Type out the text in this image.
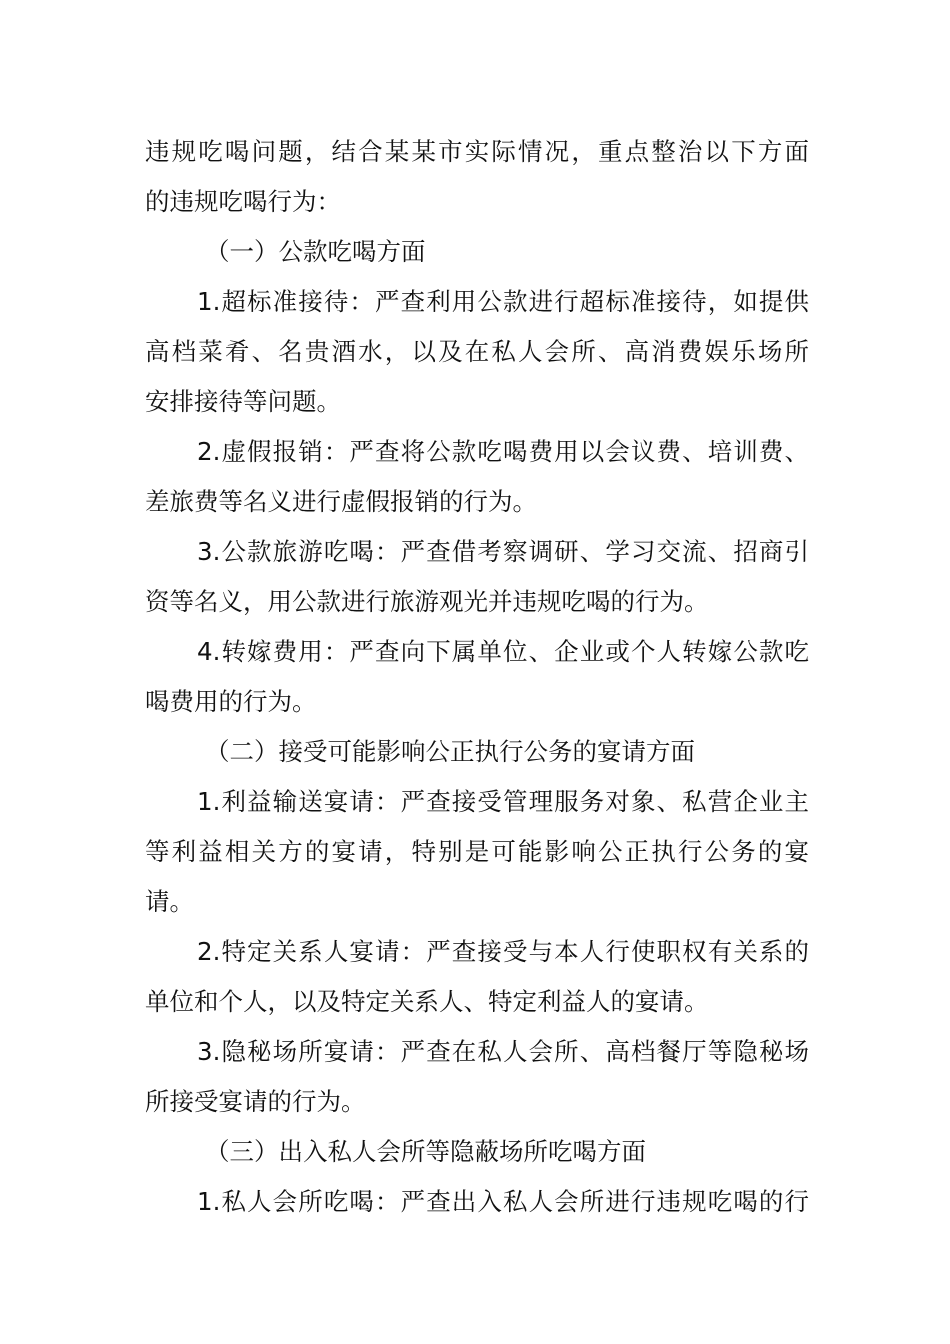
违规吃喝问题，结合某某市实际情况，重点整治以下方面
的违规吃喝行为：
（一）公款吃喝方面
1.超标准接待：严查利用公款进行超标准接待，如提供
高档菜肴、名贵酒水，以及在私人会所、高消费娱乐场所
安排接待等问题。
2.虚假报销：严查将公款吃喝费用以会议费、培训费、
差旅费等名义进行虚假报销的行为。
3.公款旅游吃喝：严查借考察调研、学习交流、招商引
资等名义，用公款进行旅游观光并违规吃喝的行为。
4.转嫁费用：严查向下属单位、企业或个人转嫁公款吃
喝费用的行为。
（二）接受可能影响公正执行公务的宴请方面
1.利益输送宴请：严查接受管理服务对象、私营企业主
等利益相关方的宴请，特别是可能影响公正执行公务的宴
请。
2.特定关系人宴请：严查接受与本人行使职权有关系的
单位和个人，以及特定关系人、特定利益人的宴请。
3.隐秘场所宴请：严查在私人会所、高档餐厅等隐秘场
所接受宴请的行为。
（三）出入私人会所等隐蔽场所吃喝方面
1.私人会所吃喝：严查出入私人会所进行违规吃喝的行
